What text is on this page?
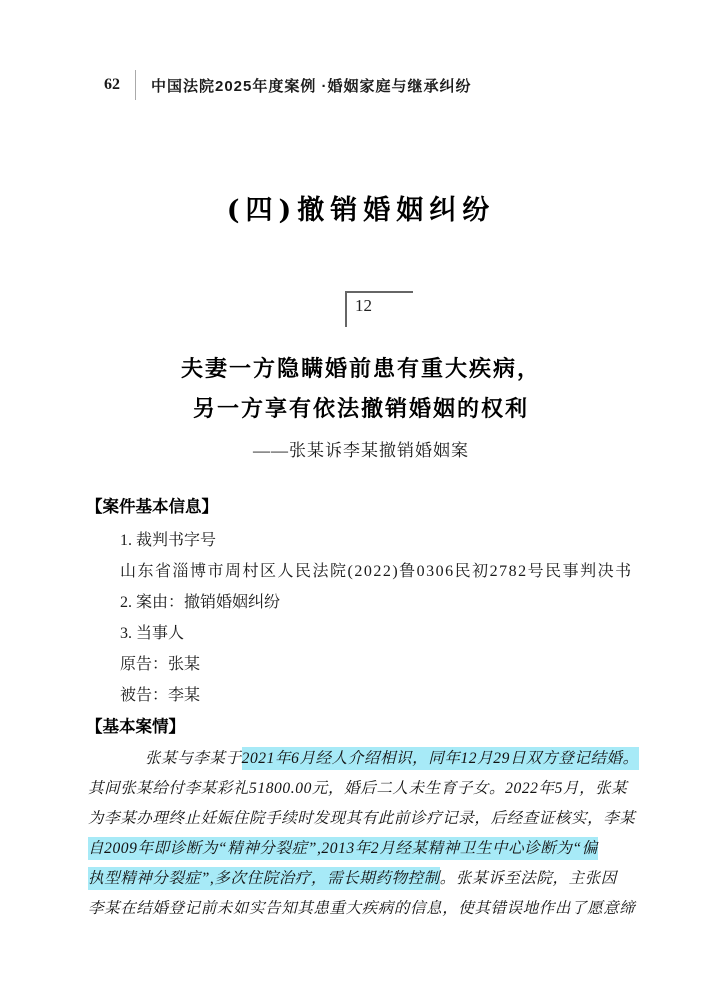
62 中国法院2025年度案例 ·婚姻家庭与继承纠纷
(四)撤销婚姻纠纷
12
夫妻一方隐瞒婚前患有重大疾病，
另一方享有依法撤销婚姻的权利
——张某诉李某撤销婚姻案
【案件基本信息】
1. 裁判书字号
山东省淄博市周村区人民法院(2022)鲁0306民初2782号民事判决书
2. 案由：撤销婚姻纠纷
3. 当事人
原告：张某
被告：李某
【基本案情】
张某与李某于2021年6月经人介绍相识，同年12月29日双方登记结婚。
其间张某给付李某彩礼51800.00元，婚后二人未生育子女。2022年5月，张某
为李某办理终止妊娠住院手续时发现其有此前诊疗记录，后经查证核实，李某
自2009年即诊断为“精神分裂症”,2013年2月经某精神卫生中心诊断为“偏
执型精神分裂症”,多次住院治疗，需长期药物控制。张某诉至法院，主张因
李某在结婚登记前未如实告知其患重大疾病的信息，使其错误地作出了愿意缔
